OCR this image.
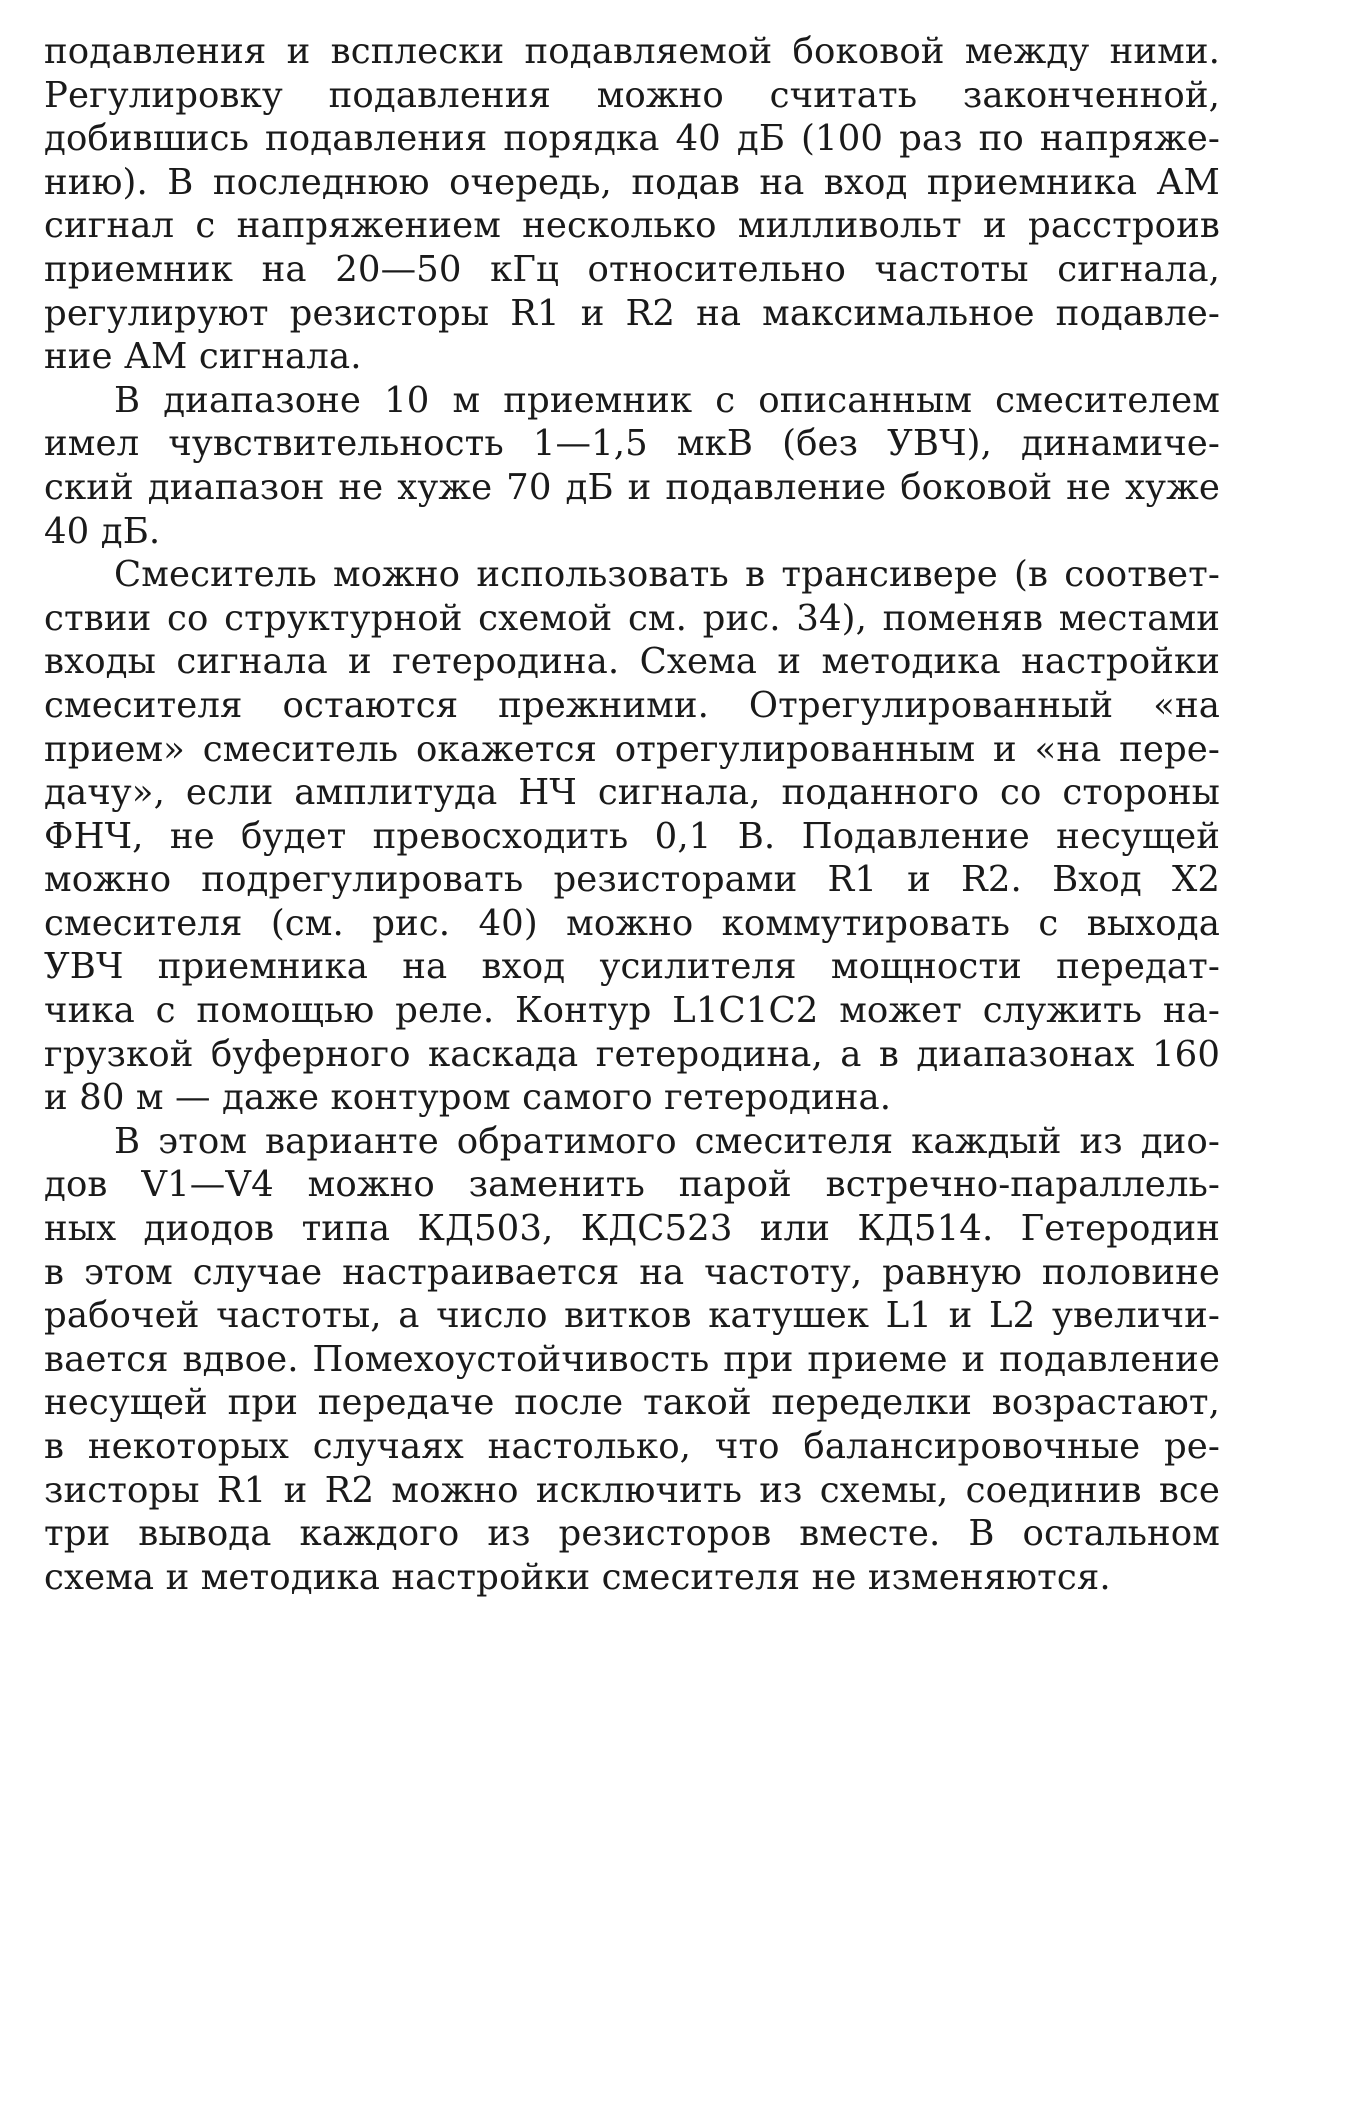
подавления и всплески подавляемой боковой между ними.
Регулировку подавления можно считать законченной,
добившись подавления порядка 40 дБ (100 раз по напряже-
нию). В последнюю очередь, подав на вход приемника АМ
сигнал с напряжением несколько милливольт и расстроив
приемник на 20—50 кГц относительно частоты сигнала,
регулируют резисторы R1 и R2 на максимальное подавле-
ние АМ сигнала.
В диапазоне 10 м приемник с описанным смесителем
имел чувствительность 1—1,5 мкВ (без УВЧ), динамиче-
ский диапазон не хуже 70 дБ и подавление боковой не хуже
40 дБ.
Смеситель можно использовать в трансивере (в соответ-
ствии со структурной схемой см. рис. 34), поменяв местами
входы сигнала и гетеродина. Схема и методика настройки
смесителя остаются прежними. Отрегулированный «на
прием» смеситель окажется отрегулированным и «на пере-
дачу», если амплитуда НЧ сигнала, поданного со стороны
ФНЧ, не будет превосходить 0,1 В. Подавление несущей
можно подрегулировать резисторами R1 и R2. Вход X2
смесителя (см. рис. 40) можно коммутировать с выхода
УВЧ приемника на вход усилителя мощности передат-
чика с помощью реле. Контур L1C1C2 может служить на-
грузкой буферного каскада гетеродина, а в диапазонах 160
и 80 м — даже контуром самого гетеродина.
В этом варианте обратимого смесителя каждый из дио-
дов V1—V4 можно заменить парой встречно-параллель-
ных диодов типа КД503, КДС523 или КД514. Гетеродин
в этом случае настраивается на частоту, равную половине
рабочей частоты, а число витков катушек L1 и L2 увеличи-
вается вдвое. Помехоустойчивость при приеме и подавление
несущей при передаче после такой переделки возрастают,
в некоторых случаях настолько, что балансировочные ре-
зисторы R1 и R2 можно исключить из схемы, соединив все
три вывода каждого из резисторов вместе. В остальном
схема и методика настройки смесителя не изменяются.
